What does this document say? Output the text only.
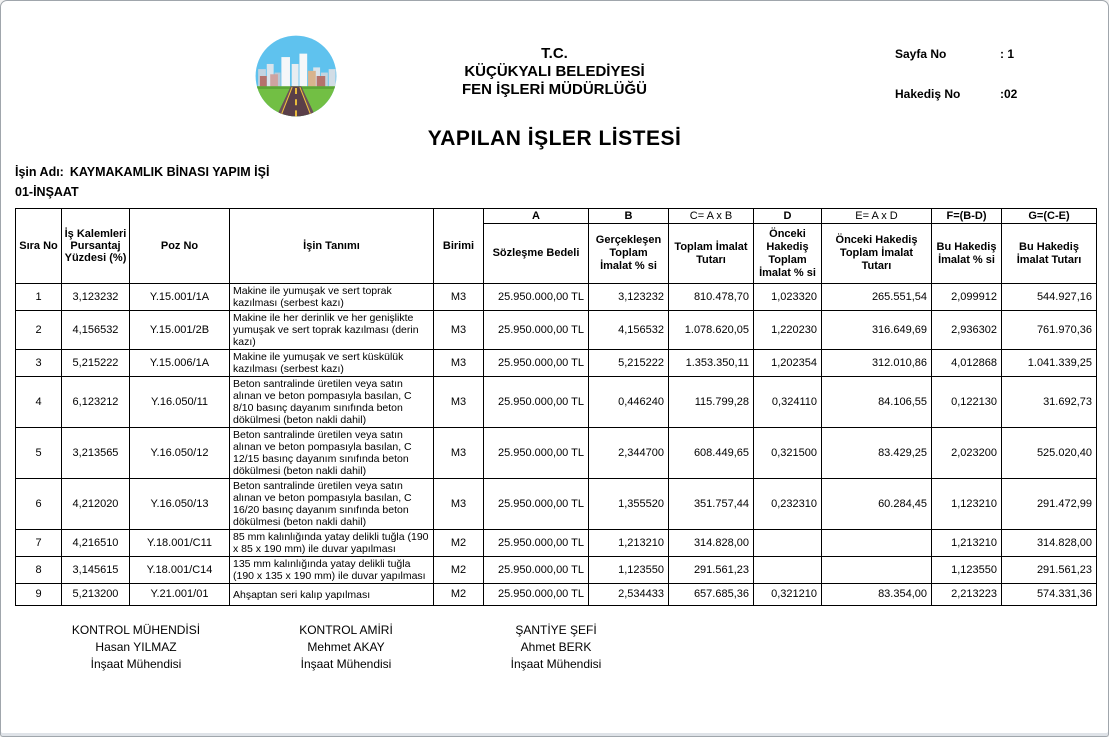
T.C.
KÜÇÜKYALI BELEDİYESİ
FEN İŞLERİ MÜDÜRLÜĞÜ
Sayfa No	: 1
Hakediş No	:02
YAPILAN İŞLER LİSTESİ
İşin Adı: KAYMAKAMLIK BİNASI YAPIM İŞİ
01-İNŞAAT
Sıra No	İş Kalemleri Pursantaj Yüzdesi (%)	Poz No	İşin Tanımı	Birimi	A	B	C= A x B	D	E= A x D	F=(B-D)	G=(C-E)
					Sözleşme Bedeli	Gerçekleşen Toplam İmalat % si	Toplam İmalat Tutarı	Önceki Hakediş Toplam İmalat % si	Önceki Hakediş Toplam İmalat Tutarı	Bu Hakediş İmalat % si	Bu Hakediş İmalat Tutarı
1	3,123232	Y.15.001/1A	Makine ile yumuşak ve sert toprak kazılması (serbest kazı)	M3	25.950.000,00 TL	3,123232	810.478,70	1,023320	265.551,54	2,099912	544.927,16
2	4,156532	Y.15.001/2B	Makine ile her derinlik ve her genişlikte yumuşak ve sert toprak kazılması (derin kazı)	M3	25.950.000,00 TL	4,156532	1.078.620,05	1,220230	316.649,69	2,936302	761.970,36
3	5,215222	Y.15.006/1A	Makine ile yumuşak ve sert küskülük kazılması (serbest kazı)	M3	25.950.000,00 TL	5,215222	1.353.350,11	1,202354	312.010,86	4,012868	1.041.339,25
4	6,123212	Y.16.050/11	Beton santralinde üretilen veya satın alınan ve beton pompasıyla basılan, C 8/10 basınç dayanım sınıfında beton dökülmesi (beton nakli dahil)	M3	25.950.000,00 TL	0,446240	115.799,28	0,324110	84.106,55	0,122130	31.692,73
5	3,213565	Y.16.050/12	Beton santralinde üretilen veya satın alınan ve beton pompasıyla basılan, C 12/15 basınç dayanım sınıfında beton dökülmesi (beton nakli dahil)	M3	25.950.000,00 TL	2,344700	608.449,65	0,321500	83.429,25	2,023200	525.020,40
6	4,212020	Y.16.050/13	Beton santralinde üretilen veya satın alınan ve beton pompasıyla basılan, C 16/20 basınç dayanım sınıfında beton dökülmesi (beton nakli dahil)	M3	25.950.000,00 TL	1,355520	351.757,44	0,232310	60.284,45	1,123210	291.472,99
7	4,216510	Y.18.001/C11	85 mm kalınlığında yatay delikli tuğla (190 x 85 x 190 mm) ile duvar yapılması	M2	25.950.000,00 TL	1,213210	314.828,00			1,213210	314.828,00
8	3,145615	Y.18.001/C14	135 mm kalınlığında yatay delikli tuğla (190 x 135 x 190 mm) ile duvar yapılması	M2	25.950.000,00 TL	1,123550	291.561,23			1,123550	291.561,23
9	5,213200	Y.21.001/01	Ahşaptan seri kalıp yapılması	M2	25.950.000,00 TL	2,534433	657.685,36	0,321210	83.354,00	2,213223	574.331,36
KONTROL MÜHENDİSİ
Hasan YILMAZ
İnşaat Mühendisi
KONTROL AMİRİ
Mehmet AKAY
İnşaat Mühendisi
ŞANTİYE ŞEFİ
Ahmet BERK
İnşaat Mühendisi
